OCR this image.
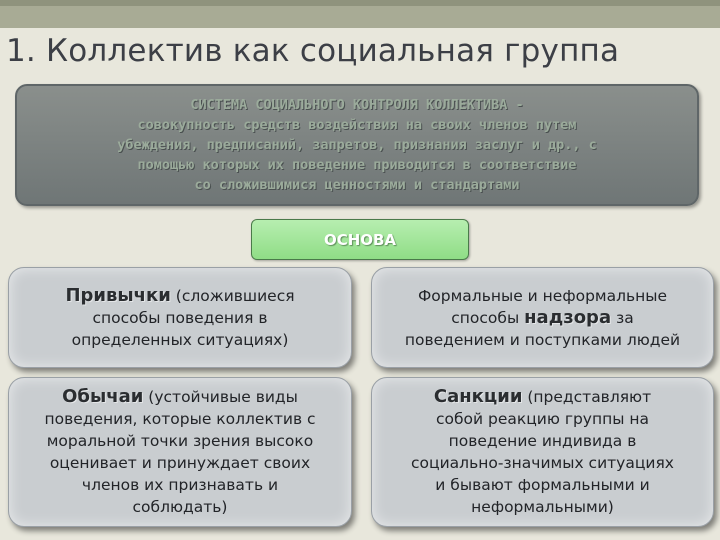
1. Коллектив как социальная группа

СИСТЕМА СОЦИАЛЬНОГО КОНТРОЛЯ КОЛЛЕКТИВА -
совокупность средств воздействия на своих членов путем
убеждения, предписаний, запретов, признания заслуг и др., с
помощью которых их поведение приводится в соответствие
со сложившимися ценностями и стандартами

ОСНОВА

Привычки (сложившиеся
способы поведения в
определенных ситуациях)

Формальные и неформальные
способы надзора за
поведением и поступками людей

Обычаи (устойчивые виды
поведения, которые коллектив с
моральной точки зрения высоко
оценивает и принуждает своих
членов их признавать и
соблюдать)

Санкции (представляют
собой реакцию группы на
поведение индивида в
социально-значимых ситуациях
и бывают формальными и
неформальными)
